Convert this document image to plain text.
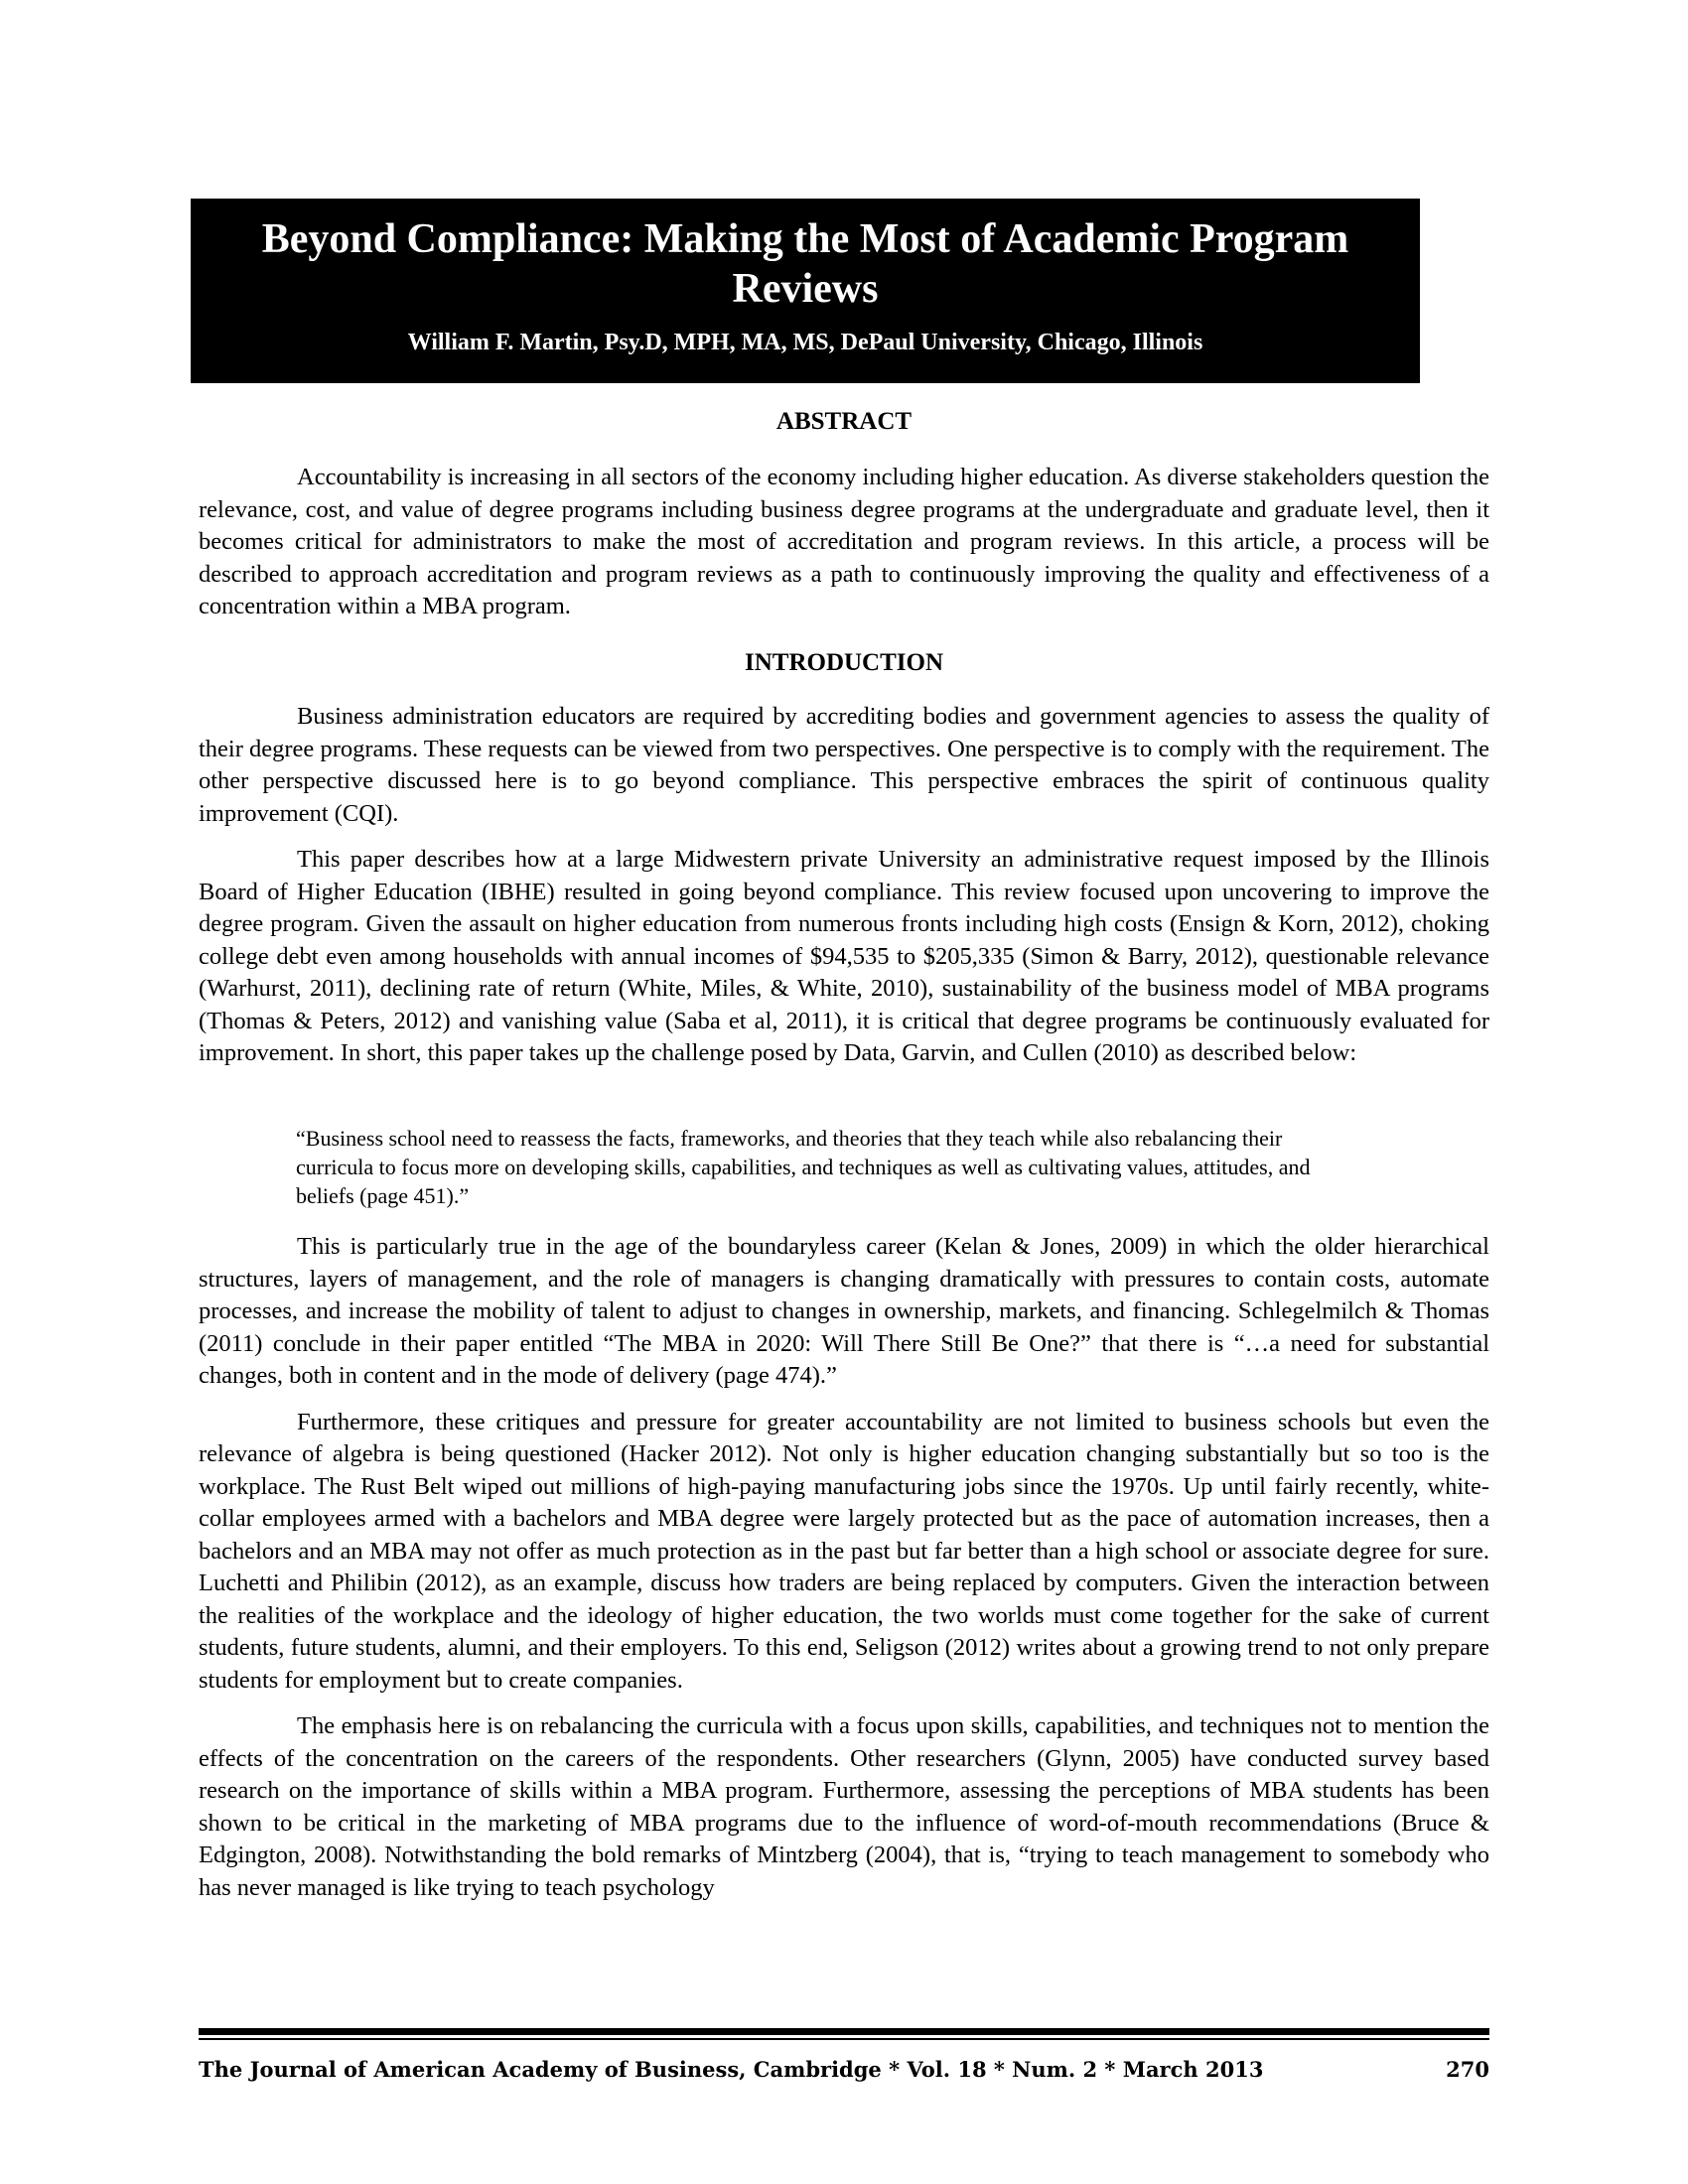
Beyond Compliance: Making the Most of Academic Program Reviews
William F. Martin, Psy.D, MPH, MA, MS, DePaul University, Chicago, Illinois
ABSTRACT

Accountability is increasing in all sectors of the economy including higher education. As diverse stakeholders question the relevance, cost, and value of degree programs including business degree programs at the undergraduate and graduate level, then it becomes critical for administrators to make the most of accreditation and program reviews. In this article, a process will be described to approach accreditation and program reviews as a path to continuously improving the quality and effectiveness of a concentration within a MBA program.

INTRODUCTION

Business administration educators are required by accrediting bodies and government agencies to assess the quality of their degree programs. These requests can be viewed from two perspectives. One perspective is to comply with the requirement. The other perspective discussed here is to go beyond compliance. This perspective embraces the spirit of continuous quality improvement (CQI).

This paper describes how at a large Midwestern private University an administrative request imposed by the Illinois Board of Higher Education (IBHE) resulted in going beyond compliance. This review focused upon uncovering to improve the degree program. Given the assault on higher education from numerous fronts including high costs (Ensign & Korn, 2012), choking college debt even among households with annual incomes of $94,535 to $205,335 (Simon & Barry, 2012), questionable relevance (Warhurst, 2011), declining rate of return (White, Miles, & White, 2010), sustainability of the business model of MBA programs (Thomas & Peters, 2012) and vanishing value (Saba et al, 2011), it is critical that degree programs be continuously evaluated for improvement. In short, this paper takes up the challenge posed by Data, Garvin, and Cullen (2010) as described below:

“Business school need to reassess the facts, frameworks, and theories that they teach while also rebalancing their curricula to focus more on developing skills, capabilities, and techniques as well as cultivating values, attitudes, and beliefs (page 451).”

This is particularly true in the age of the boundaryless career (Kelan & Jones, 2009) in which the older hierarchical structures, layers of management, and the role of managers is changing dramatically with pressures to contain costs, automate processes, and increase the mobility of talent to adjust to changes in ownership, markets, and financing. Schlegelmilch & Thomas (2011) conclude in their paper entitled “The MBA in 2020: Will There Still Be One?” that there is “…a need for substantial changes, both in content and in the mode of delivery (page 474).”

Furthermore, these critiques and pressure for greater accountability are not limited to business schools but even the relevance of algebra is being questioned (Hacker 2012). Not only is higher education changing substantially but so too is the workplace. The Rust Belt wiped out millions of high-paying manufacturing jobs since the 1970s. Up until fairly recently, white-collar employees armed with a bachelors and MBA degree were largely protected but as the pace of automation increases, then a bachelors and an MBA may not offer as much protection as in the past but far better than a high school or associate degree for sure. Luchetti and Philibin (2012), as an example, discuss how traders are being replaced by computers. Given the interaction between the realities of the workplace and the ideology of higher education, the two worlds must come together for the sake of current students, future students, alumni, and their employers. To this end, Seligson (2012) writes about a growing trend to not only prepare students for employment but to create companies.

The emphasis here is on rebalancing the curricula with a focus upon skills, capabilities, and techniques not to mention the effects of the concentration on the careers of the respondents. Other researchers (Glynn, 2005) have conducted survey based research on the importance of skills within a MBA program. Furthermore, assessing the perceptions of MBA students has been shown to be critical in the marketing of MBA programs due to the influence of word-of-mouth recommendations (Bruce & Edgington, 2008). Notwithstanding the bold remarks of Mintzberg (2004), that is, “trying to teach management to somebody who has never managed is like trying to teach psychology

The Journal of American Academy of Business, Cambridge * Vol. 18 * Num. 2 * March 2013	270
